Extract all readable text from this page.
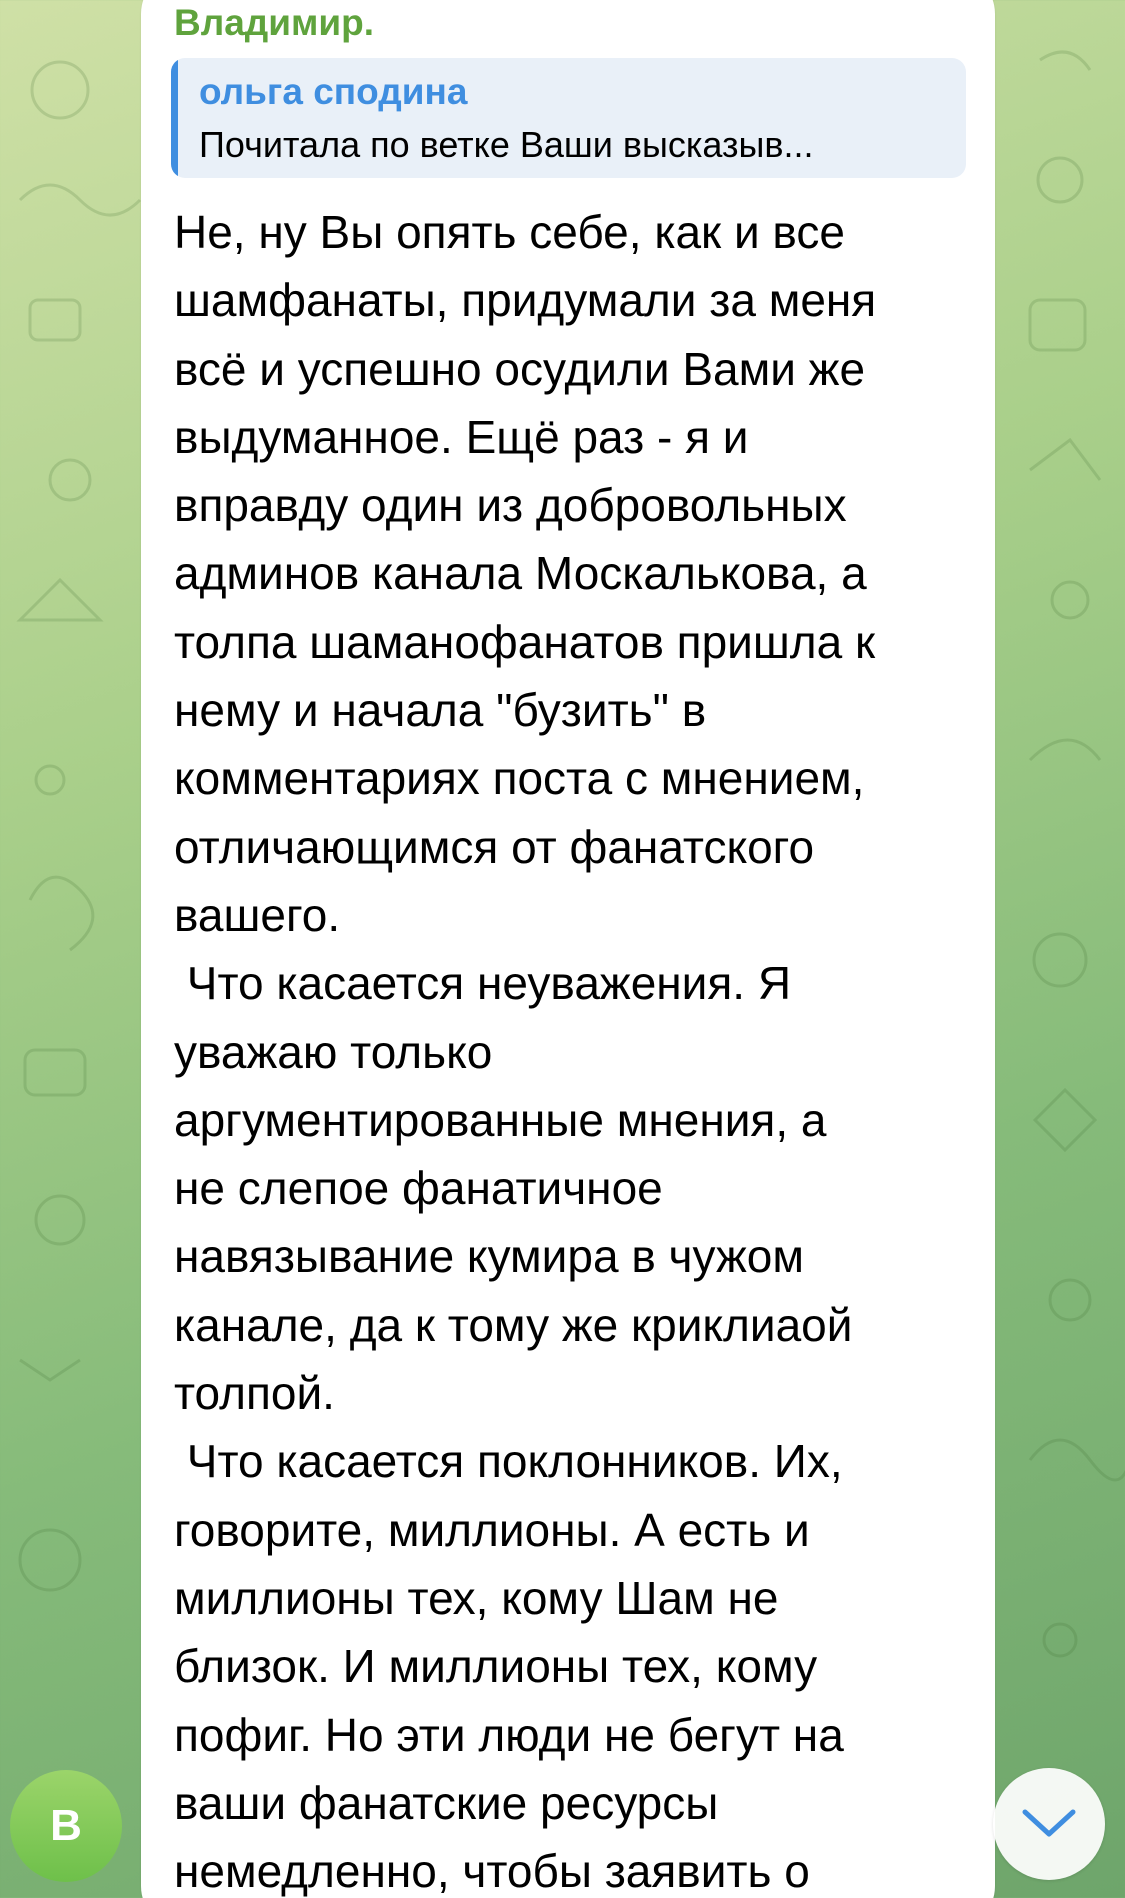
Владимир.
ольга сподина
Почитала по ветке Ваши высказыв...
Не, ну Вы опять себе, как и все
шамфанаты, придумали за меня
всё и успешно осудили Вами же
выдуманное. Ещё раз - я и
вправду один из добровольных
админов канала Москалькова, а
толпа шаманофанатов пришла к
нему и начала "бузить" в
комментариях поста с мнением,
отличающимся от фанатского
вашего.
Что касается неуважения. Я
уважаю только
аргументированные мнения, а
не слепое фанатичное
навязывание кумира в чужом
канале, да к тому же криклиаой
толпой.
Что касается поклонников. Их,
говорите, миллионы. А есть и
миллионы тех, кому Шам не
близок. И миллионы тех, кому
пофиг. Но эти люди не бегут на
ваши фанатские ресурсы
немедленно, чтобы заявить о
В
